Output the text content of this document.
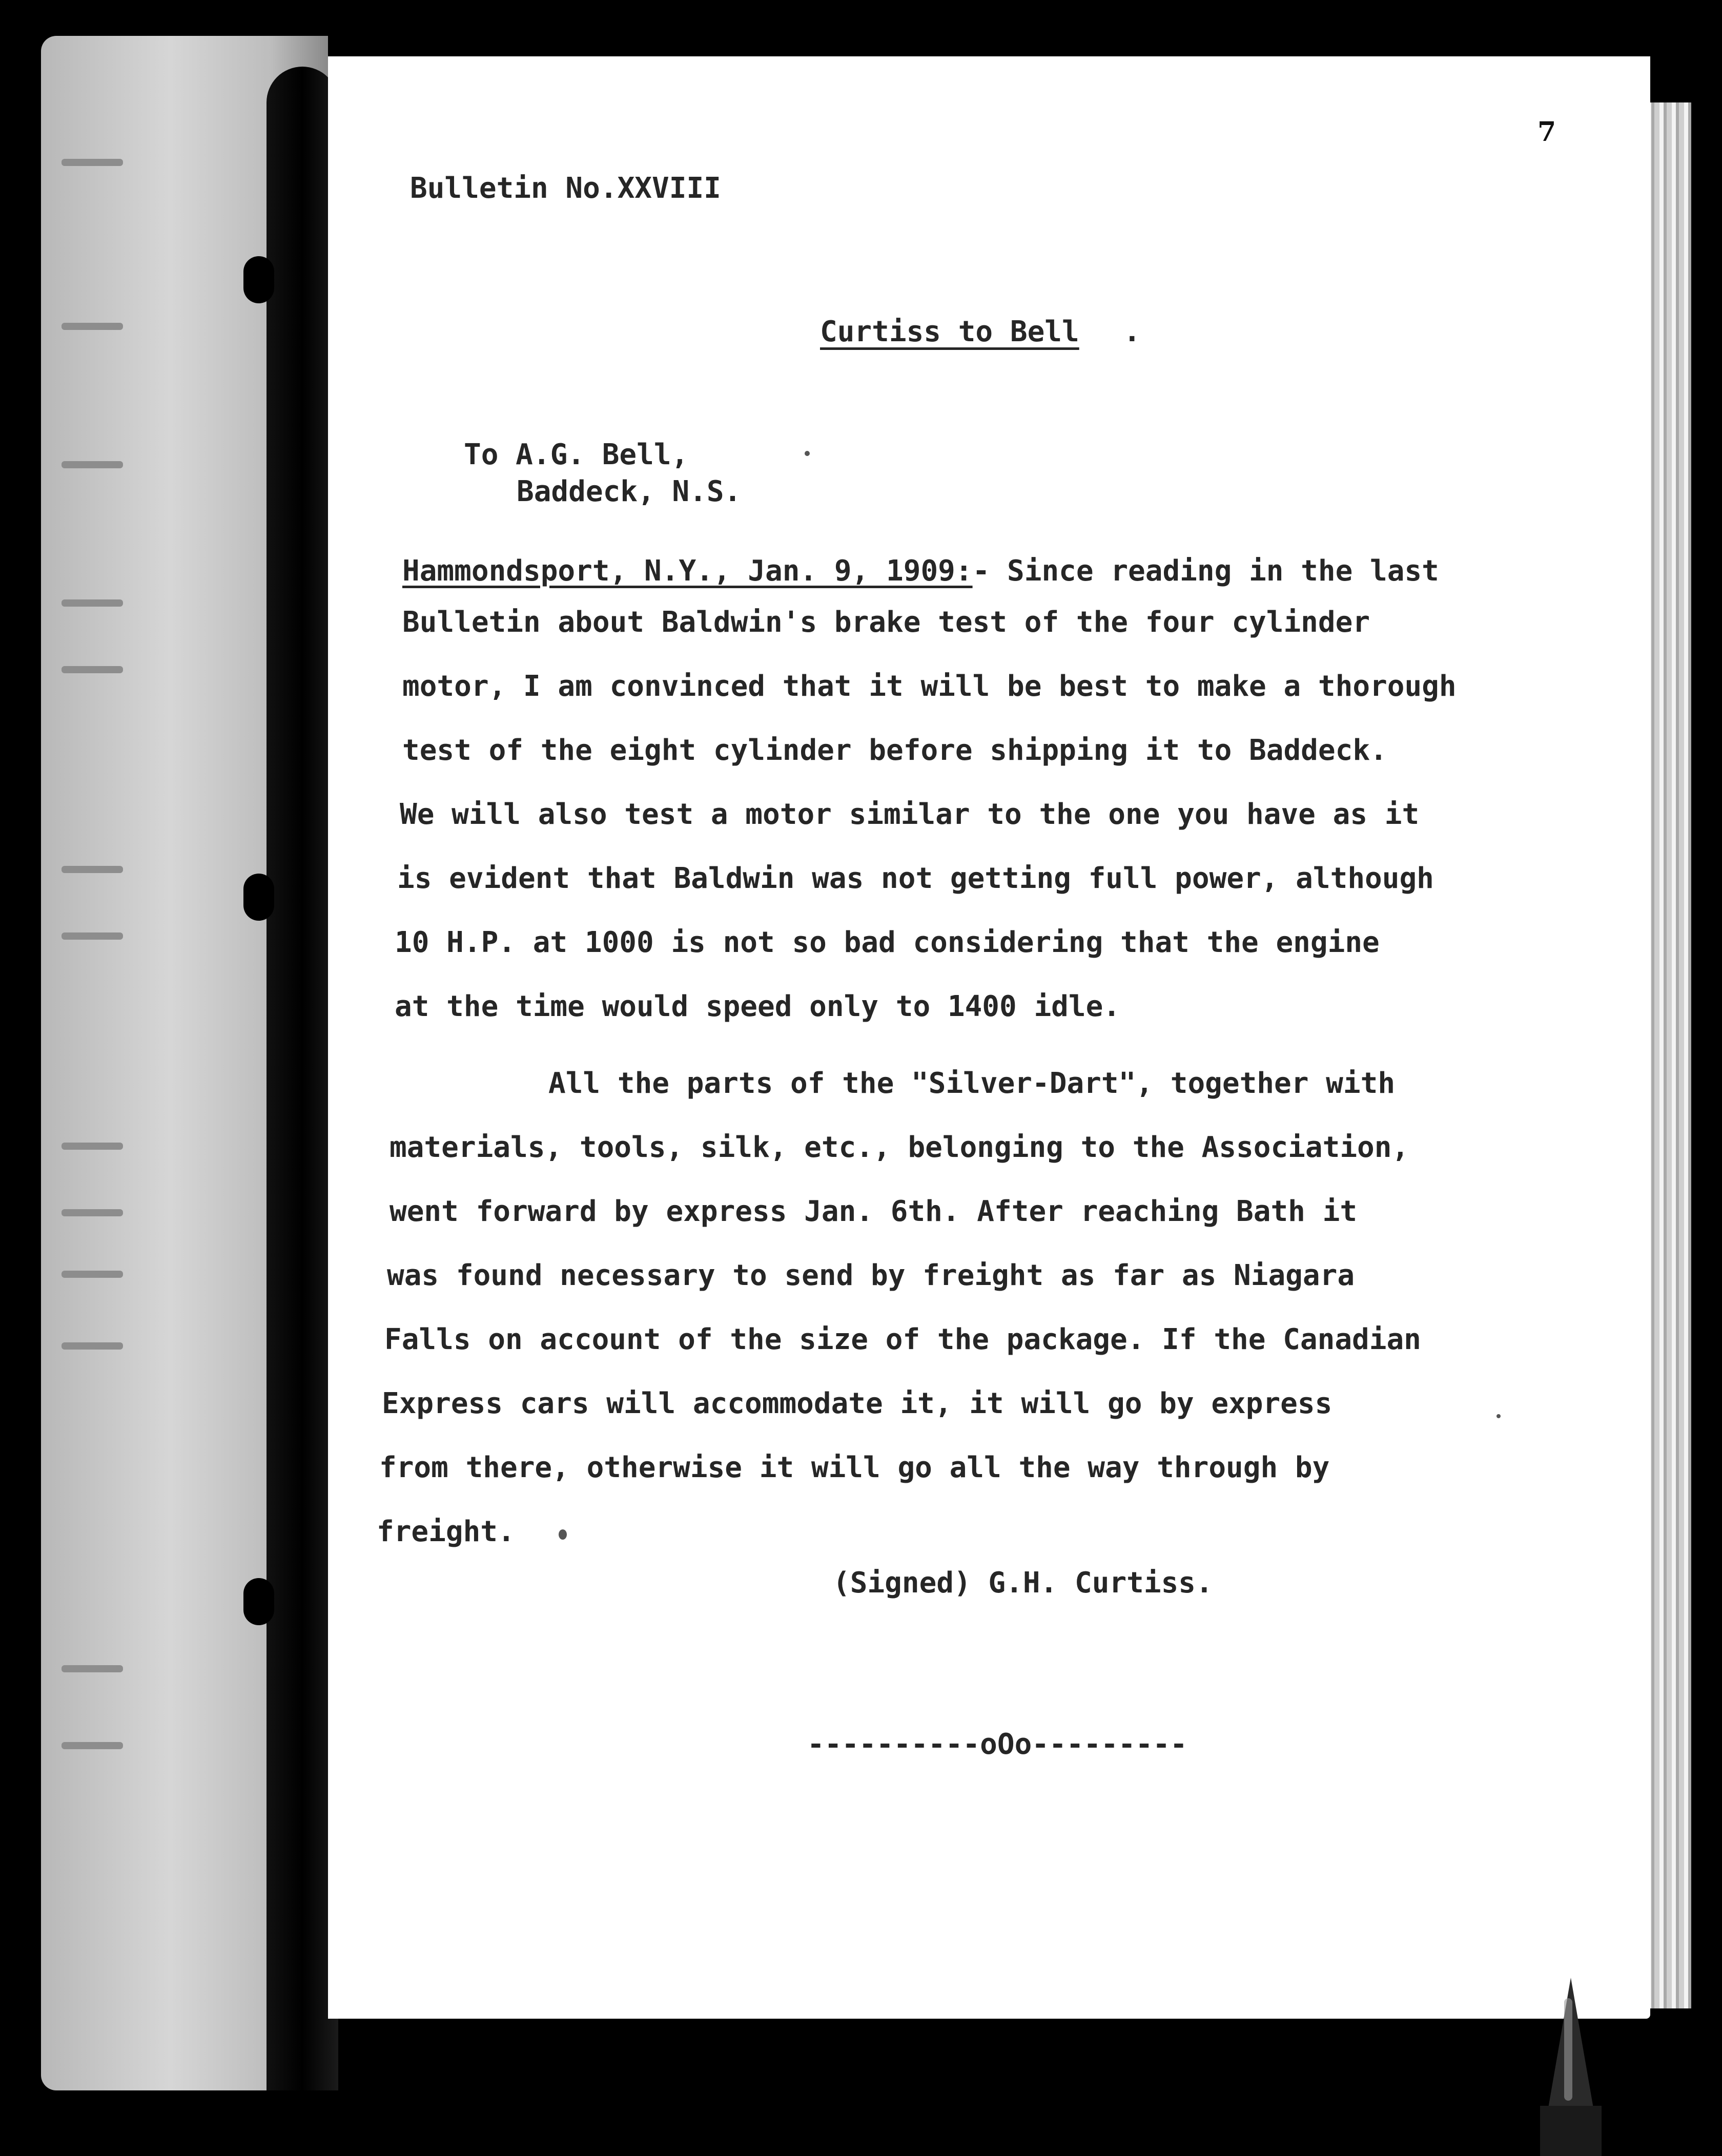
7
Bulletin No.XXVIII
Curtiss to Bell .
To A.G. Bell,
Baddeck, N.S.
Hammondsport, N.Y., Jan. 9, 1909:- Since reading in the last
Bulletin about Baldwin's brake test of the four cylinder
motor, I am convinced that it will be best to make a thorough
test of the eight cylinder before shipping it to Baddeck.
We will also test a motor similar to the one you have as it
is evident that Baldwin was not getting full power, although
10 H.P. at 1000 is not so bad considering that the engine
at the time would speed only to 1400 idle.
All the parts of the "Silver-Dart", together with
materials, tools, silk, etc., belonging to the Association,
went forward by express Jan. 6th. After reaching Bath it
was found necessary to send by freight as far as Niagara
Falls on account of the size of the package. If the Canadian
Express cars will accommodate it, it will go by express
from there, otherwise it will go all the way through by
freight.
(Signed) G.H. Curtiss.
----------oOo---------
